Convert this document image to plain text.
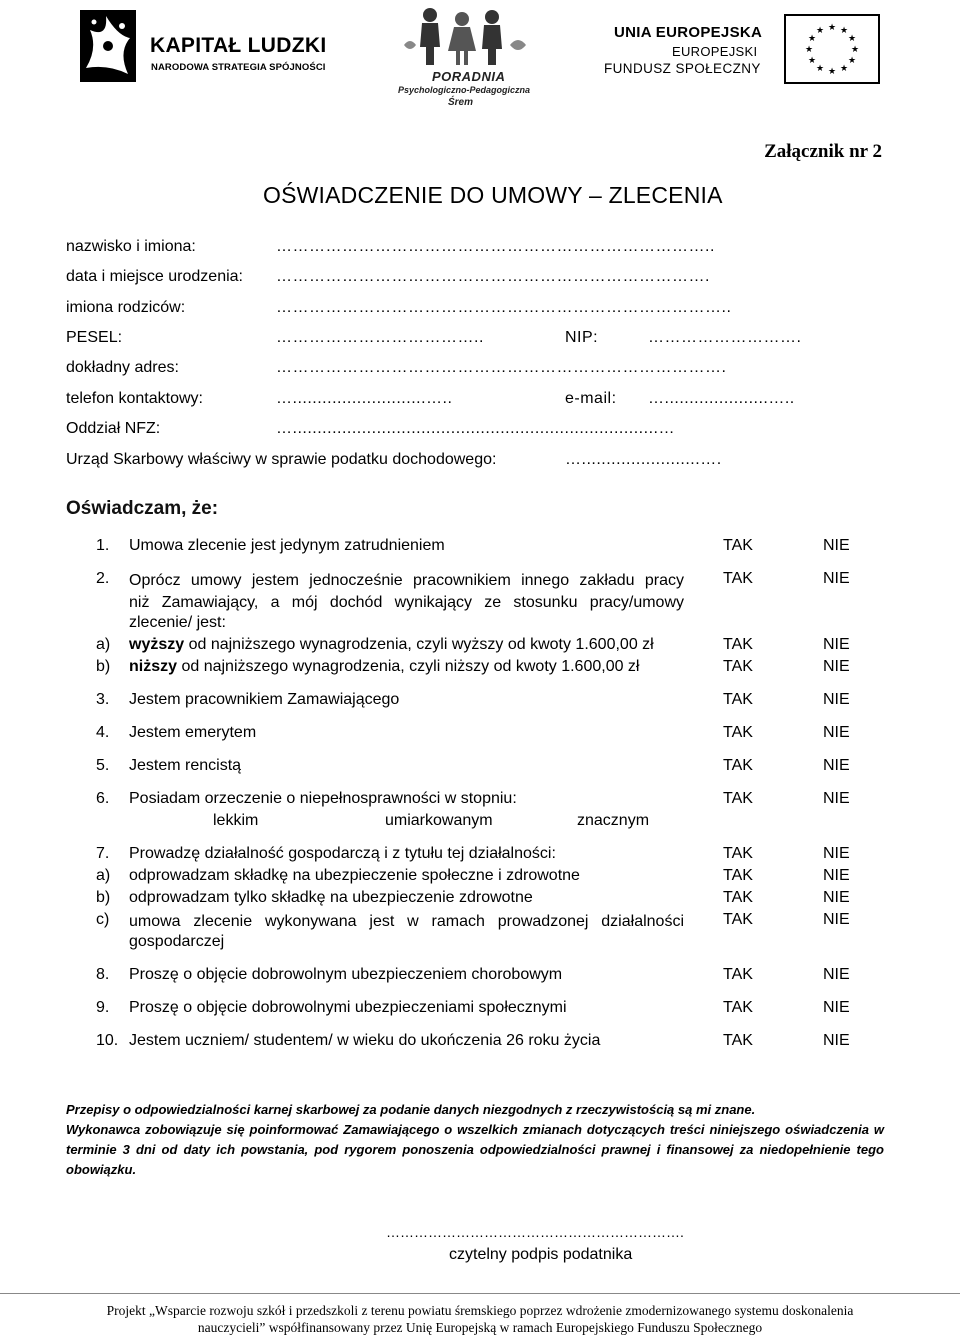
KAPITAŁ LUDZKI
NARODOWA STRATEGIA SPÓJNOŚCI
PORADNIA
Psychologiczno-Pedagogiczna
Śrem
UNIA EUROPEJSKA
EUROPEJSKI
FUNDUSZ SPOŁECZNY
★ ★
★
★
★
★
★
★
★
★
★
★
Załącznik nr 2
OŚWIADCZENIE DO UMOWY – ZLECENIA
nazwisko i imiona:	……………………………………………………………………..
data i miejsce urodzenia: …………………………………………………………………….
imiona rodziców:	………………………………………………………………………..
PESEL:	………………………………..	NIP:	……………………….
dokładny adres:	……………………………………………………………………….
telefon kontaktowy:	…...........................…..	e-mail: ….....................…..
Oddział NFZ:	…..........................................................................…
Urząd Skarbowy właściwy w sprawie podatku dochodowego:	…........................….
Oświadczam, że:
1. Umowa zlecenie jest jedynym zatrudnieniem	TAK	NIE
2. Oprócz umowy jestem jednocześnie pracownikiem innego zakładu pracy
niż Zamawiający, a mój dochód wynikający ze stosunku pracy/umowy
zlecenie/ jest:
TAK	NIE
a) wyższy od najniższego wynagrodzenia, czyli wyższy od kwoty 1.600,00 zł	TAK	NIE
b) niższy od najniższego wynagrodzenia, czyli niższy od kwoty 1.600,00 zł	TAK	NIE
3. Jestem pracownikiem Zamawiającego	TAK	NIE
4. Jestem emerytem	TAK	NIE
5. Jestem rencistą	TAK	NIE
6. Posiadam orzeczenie o niepełnosprawności w stopniu:	TAK	NIE
lekkim	umiarkowanym	znacznym
7. Prowadzę działalność gospodarczą i z tytułu tej działalności:	TAK	NIE
a) odprowadzam składkę na ubezpieczenie społeczne i zdrowotne	TAK	NIE
b) odprowadzam tylko składkę na ubezpieczenie zdrowotne	TAK	NIE
c) umowa zlecenie wykonywana jest w ramach prowadzonej działalności
gospodarczej
TAK	NIE
8. Proszę o objęcie dobrowolnym ubezpieczeniem chorobowym	TAK	NIE
9. Proszę o objęcie dobrowolnymi ubezpieczeniami społecznymi	TAK	NIE
10. Jestem uczniem/ studentem/ w wieku do ukończenia 26 roku życia	TAK	NIE
Przepisy o odpowiedzialności karnej skarbowej za podanie danych niezgodnych z rzeczywistością są mi znane.
Wykonawca zobowiązuje się poinformować Zamawiającego o wszelkich zmianach dotyczących treści niniejszego oświadczenia w terminie 3 dni od daty ich powstania, pod rygorem ponoszenia odpowiedzialności prawnej i finansowej za niedopełnienie tego obowiązku.
……………………………………………………….
czytelny podpis podatnika
Projekt „Wsparcie rozwoju szkół i przedszkoli z terenu powiatu śremskiego poprzez wdrożenie zmodernizowanego systemu doskonalenia
nauczycieli” współfinansowany przez Unię Europejską w ramach Europejskiego Funduszu Społecznego
